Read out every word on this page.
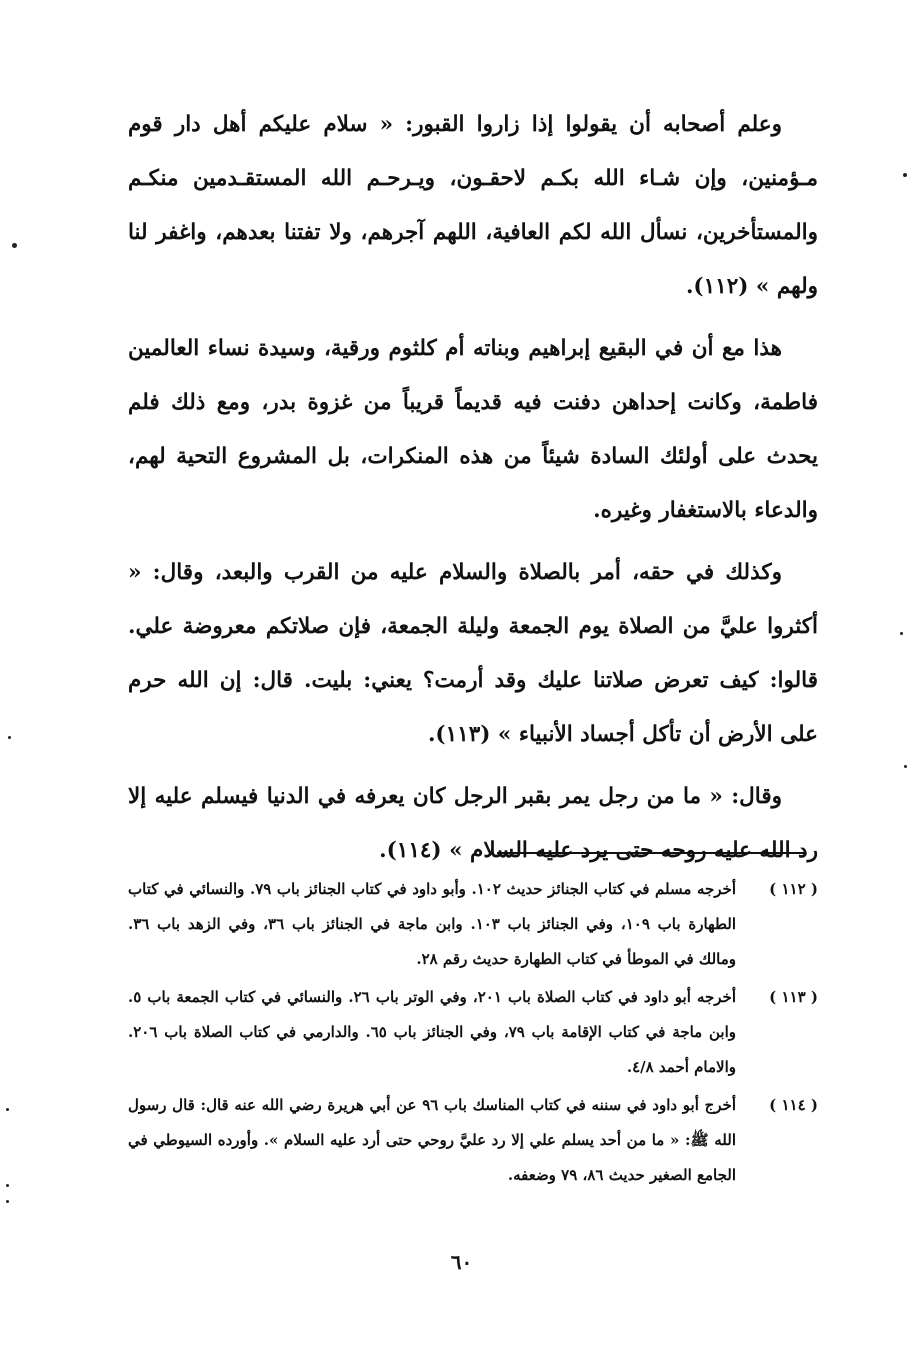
وعلم أصحابه أن يقولوا إذا زاروا القبور: « سلام عليكم أهل دار قوم مـؤمنين، وإن شـاء الله بكـم لاحقـون، ويـرحـم الله المستقـدمين منكـم والمستأخرين، نسأل الله لكم العافية، اللهم آجرهم، ولا تفتنا بعدهم، واغفر لنا ولهم » (١١٢).

هذا مع أن في البقيع إبراهيم وبناته أم كلثوم ورقية، وسيدة نساء العالمين فاطمة، وكانت إحداهن دفنت فيه قديماً قريباً من غزوة بدر، ومع ذلك فلم يحدث على أولئك السادة شيئاً من هذه المنكرات، بل المشروع التحية لهم، والدعاء بالاستغفار وغيره.

وكذلك في حقه، أمر بالصلاة والسلام عليه من القرب والبعد، وقال: « أكثروا عليَّ من الصلاة يوم الجمعة وليلة الجمعة، فإن صلاتكم معروضة علي. قالوا: كيف تعرض صلاتنا عليك وقد أرمت؟ يعني: بليت. قال: إن الله حرم على الأرض أن تأكل أجساد الأنبياء » (١١٣).

وقال: « ما من رجل يمر بقبر الرجل كان يعرفه في الدنيا فيسلم عليه إلا رد الله عليه روحه حتى يرد عليه السلام » (١١٤).

( ١١٢ )
أخرجه مسلم في كتاب الجنائز حديث ١٠٢. وأبو داود في كتاب الجنائز باب ٧٩. والنسائي في كتاب الطهارة باب ١٠٩، وفي الجنائز باب ١٠٣. وابن ماجة في الجنائز باب ٣٦، وفي الزهد باب ٣٦. ومالك في الموطأ في كتاب الطهارة حديث رقم ٢٨.
( ١١٣ )
أخرجه أبو داود في كتاب الصلاة باب ٢٠١، وفي الوتر باب ٢٦. والنسائي في كتاب الجمعة باب ٥. وابن ماجة في كتاب الإقامة باب ٧٩، وفي الجنائز باب ٦٥. والدارمي في كتاب الصلاة باب ٢٠٦. والامام أحمد ٤/٨.
( ١١٤ )
أخرج أبو داود في سننه في كتاب المناسك باب ٩٦ عن أبي هريرة رضي الله عنه قال: قال رسول الله ﷺ: « ما من أحد يسلم علي إلا رد عليَّ روحي حتى أرد عليه السلام ». وأورده السيوطي في الجامع الصغير حديث ٨٦، ٧٩ وضعفه.
٦٠
